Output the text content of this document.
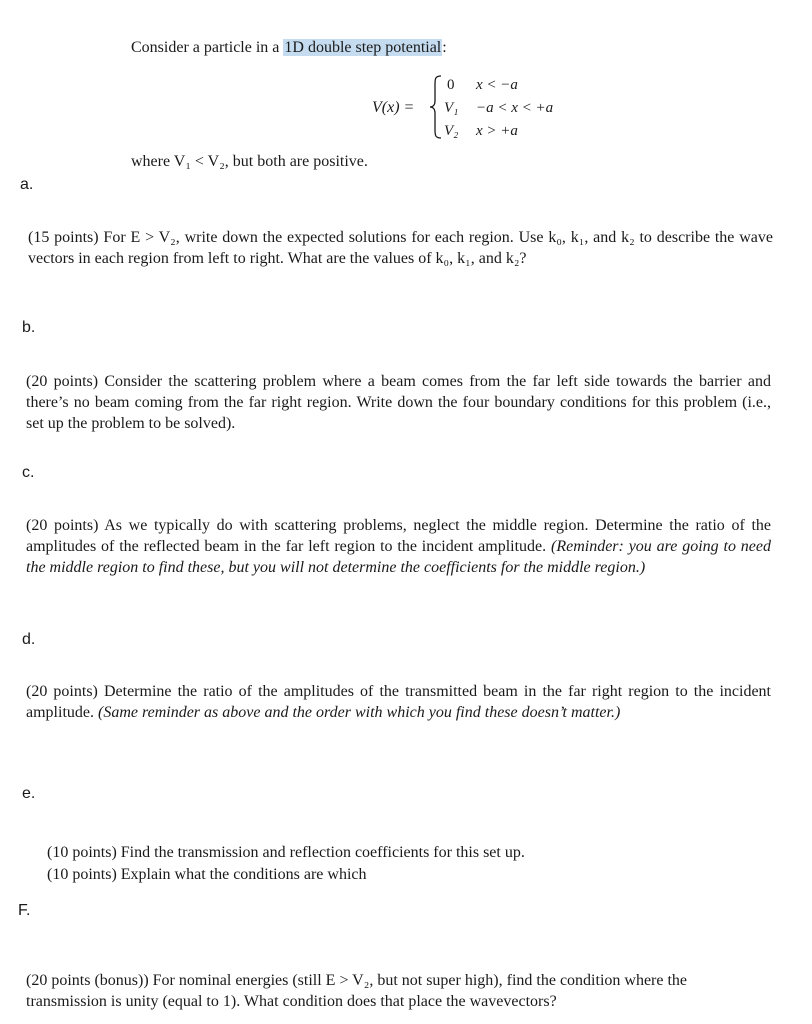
Consider a particle in a 1D double step potential:
V(x) =
0 x < −a
V₁ −a < x < +a
V₂ x > +a
where V₁ < V₂, but both are positive.
a.
(15 points) For E > V₂, write down the expected solutions for each region. Use k₀, k₁, and k₂ to describe the wave vectors in each region from left to right. What are the values of k₀, k₁, and k₂?
b.
(20 points) Consider the scattering problem where a beam comes from the far left side towards the barrier and there’s no beam coming from the far right region. Write down the four boundary conditions for this problem (i.e., set up the problem to be solved).
c.
(20 points) As we typically do with scattering problems, neglect the middle region. Determine the ratio of the amplitudes of the reflected beam in the far left region to the incident amplitude. (Reminder: you are going to need the middle region to find these, but you will not determine the coefficients for the middle region.)
d.
(20 points) Determine the ratio of the amplitudes of the transmitted beam in the far right region to the incident amplitude. (Same reminder as above and the order with which you find these doesn’t matter.)
e.
(10 points) Find the transmission and reflection coefficients for this set up.
(10 points) Explain what the conditions are which
F.
(20 points (bonus)) For nominal energies (still E > V₂, but not super high), find the condition where the transmission is unity (equal to 1). What condition does that place the wavevectors?
